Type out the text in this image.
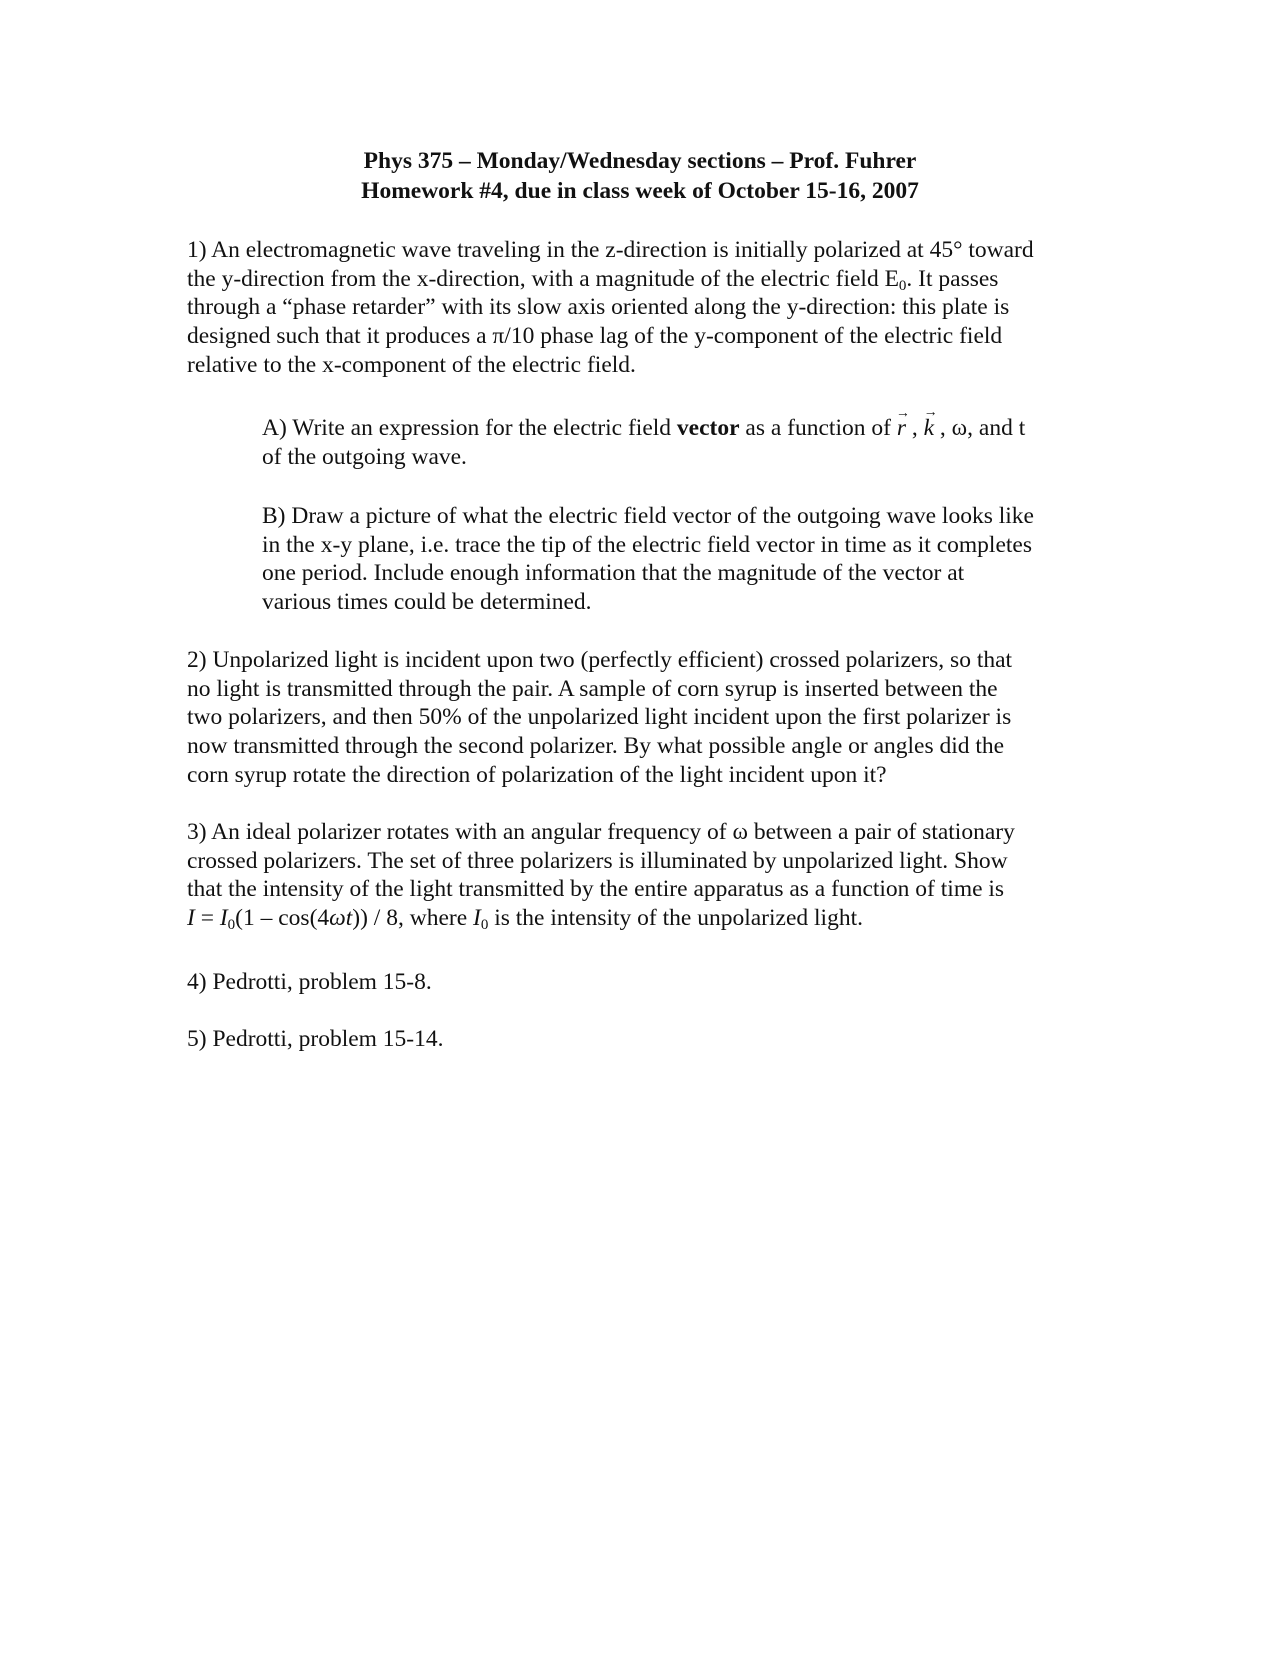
Phys 375 – Monday/Wednesday sections – Prof. Fuhrer
Homework #4, due in class week of October 15-16, 2007
1) An electromagnetic wave traveling in the z-direction is initially polarized at 45° toward
the y-direction from the x-direction, with a magnitude of the electric field $E_0$. It passes
through a “phase retarder” with its slow axis oriented along the y-direction: this plate is
designed such that it produces a π/10 phase lag of the y-component of the electric field
relative to the x-component of the electric field.
A) Write an expression for the electric field vector as a function of → r , → k , ω, and t
of the outgoing wave.
B) Draw a picture of what the electric field vector of the outgoing wave looks like
in the x-y plane, i.e. trace the tip of the electric field vector in time as it completes
one period. Include enough information that the magnitude of the vector at
various times could be determined.
2) Unpolarized light is incident upon two (perfectly efficient) crossed polarizers, so that
no light is transmitted through the pair. A sample of corn syrup is inserted between the
two polarizers, and then 50% of the unpolarized light incident upon the first polarizer is
now transmitted through the second polarizer. By what possible angle or angles did the
corn syrup rotate the direction of polarization of the light incident upon it?
3) An ideal polarizer rotates with an angular frequency of ω between a pair of stationary
crossed polarizers. The set of three polarizers is illuminated by unpolarized light. Show
that the intensity of the light transmitted by the entire apparatus as a function of time is
$I = I_0(1 - \cos(4\omega t)) / 8$, where $I_0$ is the intensity of the unpolarized light.
4) Pedrotti, problem 15-8.
5) Pedrotti, problem 15-14.
